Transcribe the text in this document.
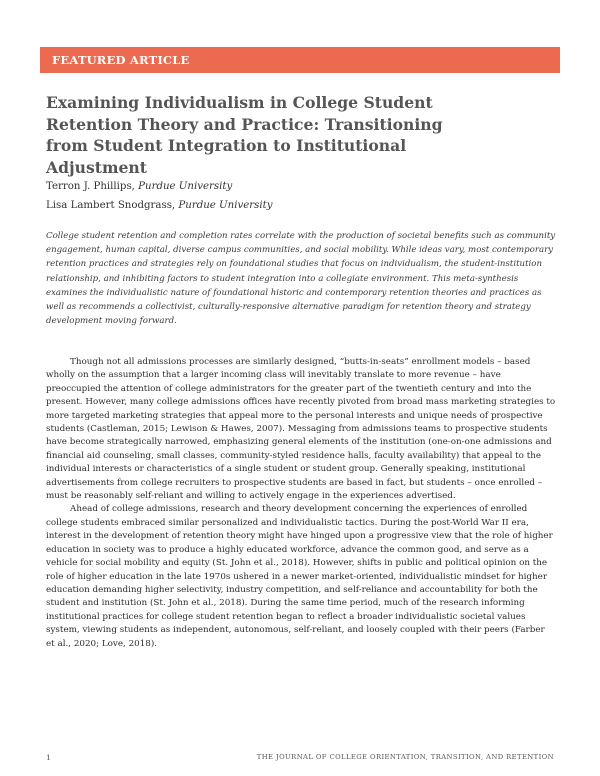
FEATURED ARTICLE
Examining Individualism in College Student Retention Theory and Practice: Transitioning from Student Integration to Institutional Adjustment
Terron J. Phillips, Purdue University
Lisa Lambert Snodgrass, Purdue University

College student retention and completion rates correlate with the production of societal benefits such as community engagement, human capital, diverse campus communities, and social mobility. While ideas vary, most contemporary retention practices and strategies rely on foundational studies that focus on individualism, the student-institution relationship, and inhibiting factors to student integration into a collegiate environment. This meta-synthesis examines the individualistic nature of foundational historic and contemporary retention theories and practices as well as recommends a collectivist, culturally-responsive alternative paradigm for retention theory and strategy development moving forward.

Though not all admissions processes are similarly designed, “butts-in-seats” enrollment models – based wholly on the assumption that a larger incoming class will inevitably translate to more revenue – have preoccupied the attention of college administrators for the greater part of the twentieth century and into the present. However, many college admissions offices have recently pivoted from broad mass marketing strategies to more targeted marketing strategies that appeal more to the personal interests and unique needs of prospective students (Castleman, 2015; Lewison & Hawes, 2007). Messaging from admissions teams to prospective students have become strategically narrowed, emphasizing general elements of the institution (one-on-one admissions and financial aid counseling, small classes, community-styled residence halls, faculty availability) that appeal to the individual interests or characteristics of a single student or student group. Generally speaking, institutional advertisements from college recruiters to prospective students are based in fact, but students – once enrolled – must be reasonably self-reliant and willing to actively engage in the experiences advertised.

Ahead of college admissions, research and theory development concerning the experiences of enrolled college students embraced similar personalized and individualistic tactics. During the post-World War II era, interest in the development of retention theory might have hinged upon a progressive view that the role of higher education in society was to produce a highly educated workforce, advance the common good, and serve as a vehicle for social mobility and equity (St. John et al., 2018). However, shifts in public and political opinion on the role of higher education in the late 1970s ushered in a newer market-oriented, individualistic mindset for higher education demanding higher selectivity, industry competition, and self-reliance and accountability for both the student and institution (St. John et al., 2018). During the same time period, much of the research informing institutional practices for college student retention began to reflect a broader individualistic societal values system, viewing students as independent, autonomous, self-reliant, and loosely coupled with their peers (Farber et al., 2020; Love, 2018).

1	THE JOURNAL OF COLLEGE ORIENTATION, TRANSITION, AND RETENTION
